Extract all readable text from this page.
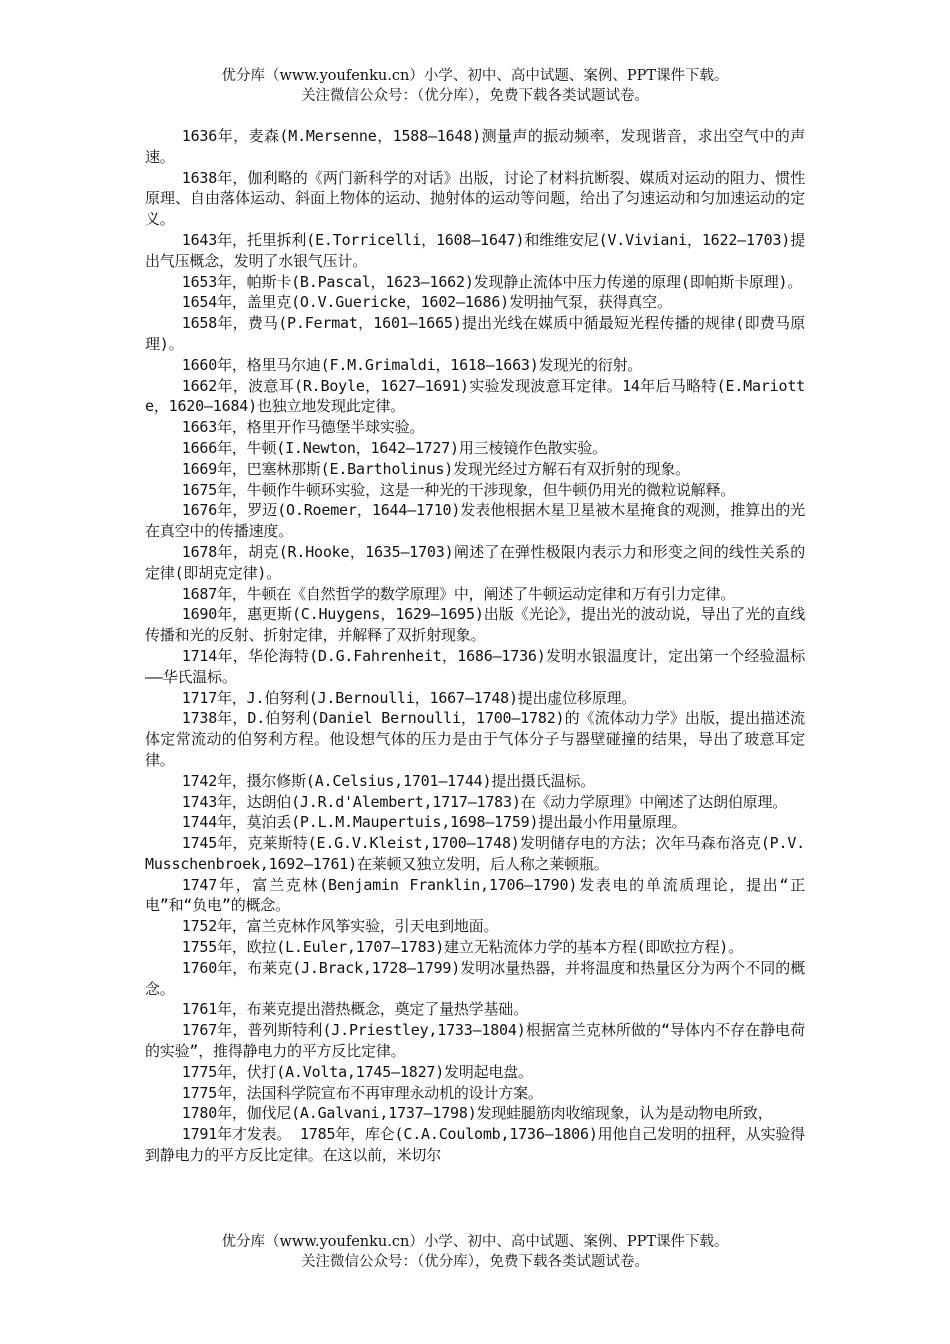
优分库（www.youfenku.cn）小学、初中、高中试题、案例、PPT课件下载。
关注微信公众号：（优分库），免费下载各类试题试卷。

1636年，麦森(M.Mersenne，1588—1648)测量声的振动频率，发现谐音，求出空气中的声速。

1638年，伽利略的《两门新科学的对话》出版，讨论了材料抗断裂、媒质对运动的阻力、惯性原理、自由落体运动、斜面上物体的运动、抛射体的运动等问题，给出了匀速运动和匀加速运动的定义。

1643年，托里拆利(E.Torricelli，1608—1647)和维维安尼(V.Viviani，1622—1703)提出气压概念，发明了水银气压计。

1653年，帕斯卡(B.Pascal，1623—1662)发现静止流体中压力传递的原理(即帕斯卡原理)。

1654年，盖里克(O.V.Guericke，1602—1686)发明抽气泵，获得真空。

1658年，费马(P.Fermat，1601—1665)提出光线在媒质中循最短光程传播的规律(即费马原理)。

1660年，格里马尔迪(F.M.Grimaldi，1618—1663)发现光的衍射。

1662年，波意耳(R.Boyle，1627—1691)实验发现波意耳定律。14年后马略特(E.Mariotte，1620—1684)也独立地发现此定律。

1663年，格里开作马德堡半球实验。

1666年，牛顿(I.Newton，1642—1727)用三棱镜作色散实验。

1669年，巴塞林那斯(E.Bartholinus)发现光经过方解石有双折射的现象。

1675年，牛顿作牛顿环实验，这是一种光的干涉现象，但牛顿仍用光的微粒说解释。

1676年，罗迈(O.Roemer，1644—1710)发表他根据木星卫星被木星掩食的观测，推算出的光在真空中的传播速度。

1678年，胡克(R.Hooke，1635—1703)阐述了在弹性极限内表示力和形变之间的线性关系的 定律(即胡克定律)。

1687年，牛顿在《自然哲学的数学原理》中，阐述了牛顿运动定律和万有引力定律。

1690年，惠更斯(C.Huygens，1629—1695)出版《光论》，提出光的波动说，导出了光的直线传播和光的反射、折射定律，并解释了双折射现象。

1714年，华伦海特(D.G.Fahrenheit，1686—1736)发明水银温度计，定出第一个经验温标——华氏温标。

1717年，J.伯努利(J.Bernoulli，1667—1748)提出虚位移原理。

1738年，D.伯努利(Daniel Bernoulli，1700—1782)的《流体动力学》出版，提出描述流体定常流动的伯努利方程。他设想气体的压力是由于气体分子与器壁碰撞的结果，导出了玻意耳定律。

1742年，摄尔修斯(A.Celsius,1701—1744)提出摄氏温标。

1743年，达朗伯(J.R.d'Alembert,1717—1783)在《动力学原理》中阐述了达朗伯原理。

1744年，莫泊丢(P.L.M.Maupertuis,1698—1759)提出最小作用量原理。

1745年，克莱斯特(E.G.V.Kleist,1700—1748)发明储存电的方法；次年马森布洛克(P.V.Musschenbroek,1692—1761)在莱顿又独立发明，后人称之莱顿瓶。

1747年，富兰克林(Benjamin Franklin,1706—1790)发表电的单流质理论，提出“正电”和“负电”的概念。

1752年，富兰克林作风筝实验，引天电到地面。

1755年，欧拉(L.Euler,1707—1783)建立无粘流体力学的基本方程(即欧拉方程)。

1760年，布莱克(J.Brack,1728—1799)发明冰量热器，并将温度和热量区分为两个不同的概念。

1761年，布莱克提出潜热概念，奠定了量热学基础。

1767年，普列斯特利(J.Priestley,1733—1804)根据富兰克林所做的“导体内不存在静电荷的实验”，推得静电力的平方反比定律。

1775年，伏打(A.Volta,1745—1827)发明起电盘。

1775年，法国科学院宣布不再审理永动机的设计方案。

1780年，伽伐尼(A.Galvani,1737—1798)发现蛙腿筋肉收缩现象，认为是动物电所致，

1791年才发表。 1785年，库仑(C.A.Coulomb,1736—1806)用他自己发明的扭秤，从实验得到静电力的平方反比定律。在这以前，米切尔

优分库（www.youfenku.cn）小学、初中、高中试题、案例、PPT课件下载。
关注微信公众号：（优分库），免费下载各类试题试卷。
